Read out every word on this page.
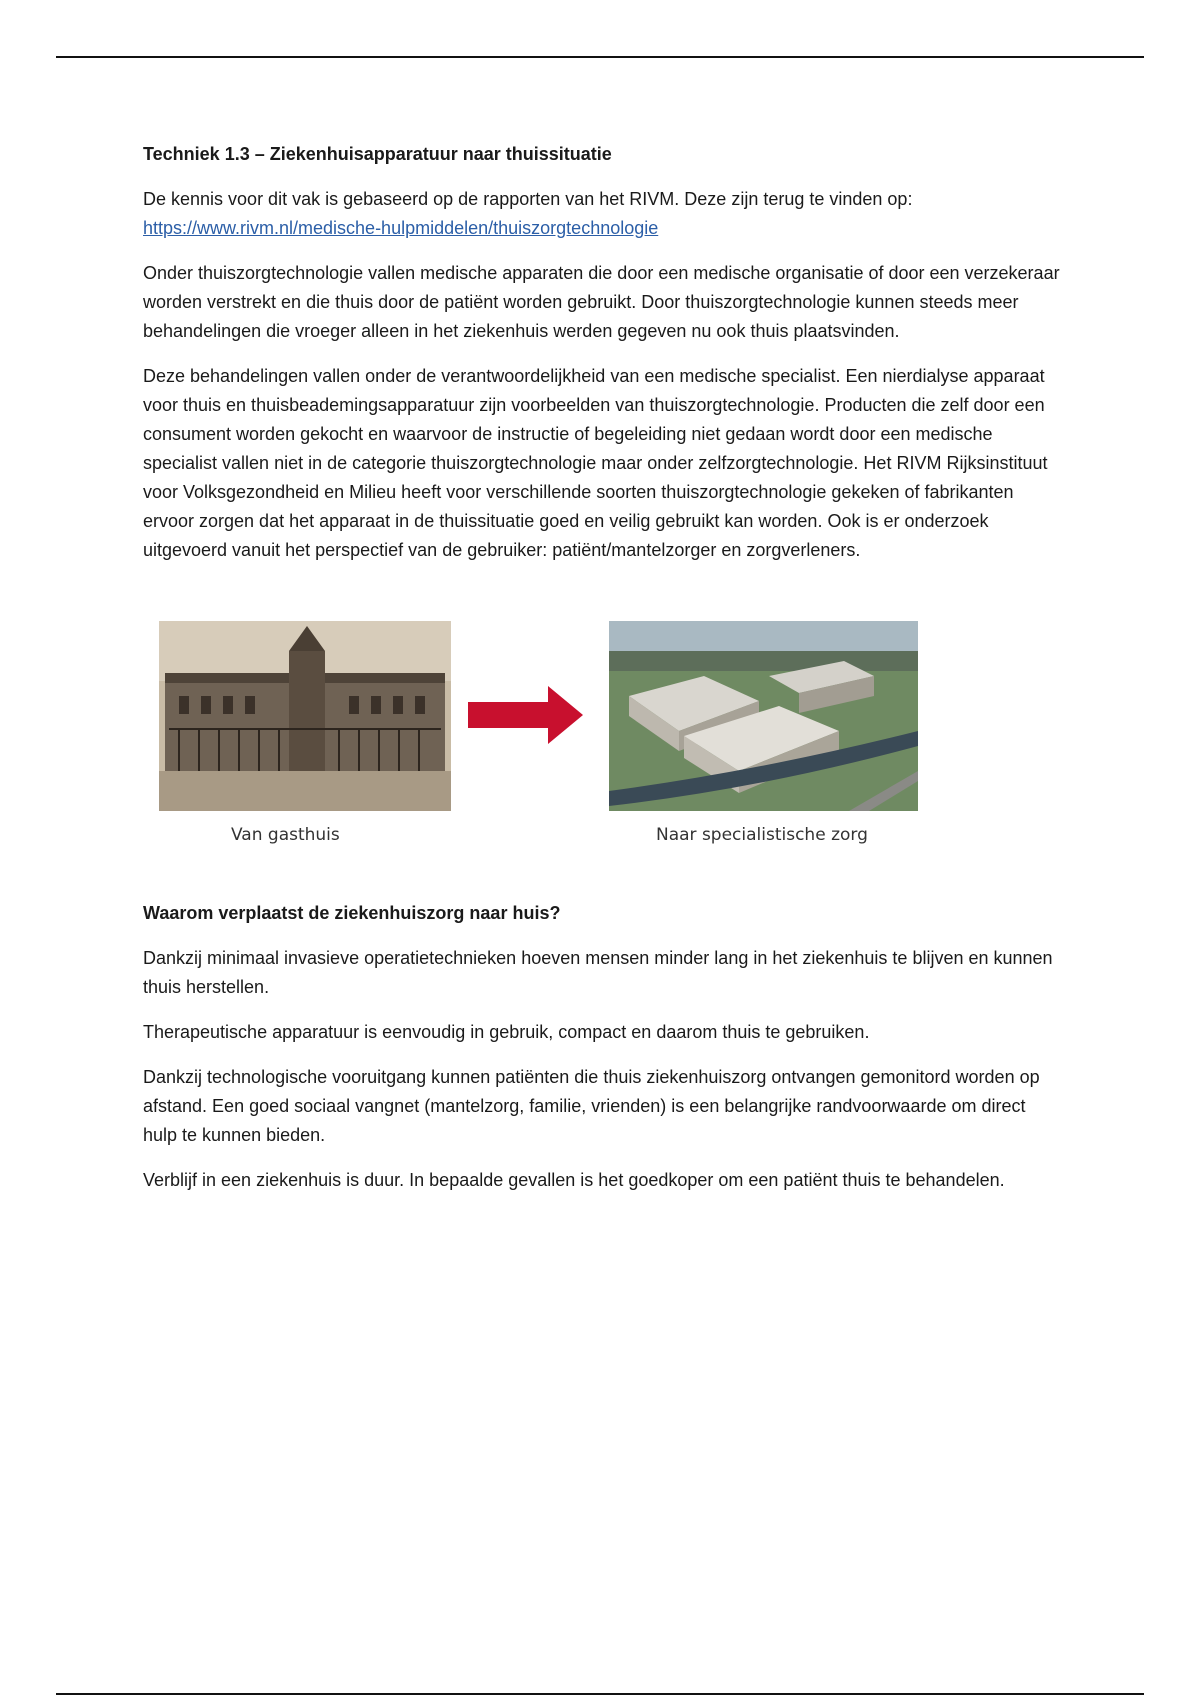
Techniek 1.3 – Ziekenhuisapparatuur naar thuissituatie

De kennis voor dit vak is gebaseerd op de rapporten van het RIVM. Deze zijn terug te vinden op:
https://www.rivm.nl/medische-hulpmiddelen/thuiszorgtechnologie

Onder thuiszorgtechnologie vallen medische apparaten die door een medische organisatie of door een verzekeraar worden verstrekt en die thuis door de patiënt worden gebruikt. Door thuiszorgtechnologie kunnen steeds meer behandelingen die vroeger alleen in het ziekenhuis werden gegeven nu ook thuis plaatsvinden.

Deze behandelingen vallen onder de verantwoordelijkheid van een medische specialist. Een nierdialyse apparaat voor thuis en thuisbeademingsapparatuur zijn voorbeelden van thuiszorgtechnologie. Producten die zelf door een consument worden gekocht en waarvoor de instructie of begeleiding niet gedaan wordt door een medische specialist vallen niet in de categorie thuiszorgtechnologie maar onder zelfzorgtechnologie. Het RIVM Rijksinstituut voor Volksgezondheid en Milieu heeft voor verschillende soorten thuiszorgtechnologie gekeken of fabrikanten ervoor zorgen dat het apparaat in de thuissituatie goed en veilig gebruikt kan worden. Ook is er onderzoek uitgevoerd vanuit het perspectief van de gebruiker: patiënt/mantelzorger en zorgverleners.

Van gasthuis	Naar specialistische zorg

Waarom verplaatst de ziekenhuiszorg naar huis?

Dankzij minimaal invasieve operatietechnieken hoeven mensen minder lang in het ziekenhuis te blijven en kunnen thuis herstellen.

Therapeutische apparatuur is eenvoudig in gebruik, compact en daarom thuis te gebruiken.

Dankzij technologische vooruitgang kunnen patiënten die thuis ziekenhuiszorg ontvangen gemonitord worden op afstand. Een goed sociaal vangnet (mantelzorg, familie, vrienden) is een belangrijke randvoorwaarde om direct hulp te kunnen bieden.

Verblijf in een ziekenhuis is duur. In bepaalde gevallen is het goedkoper om een patiënt thuis te behandelen.
